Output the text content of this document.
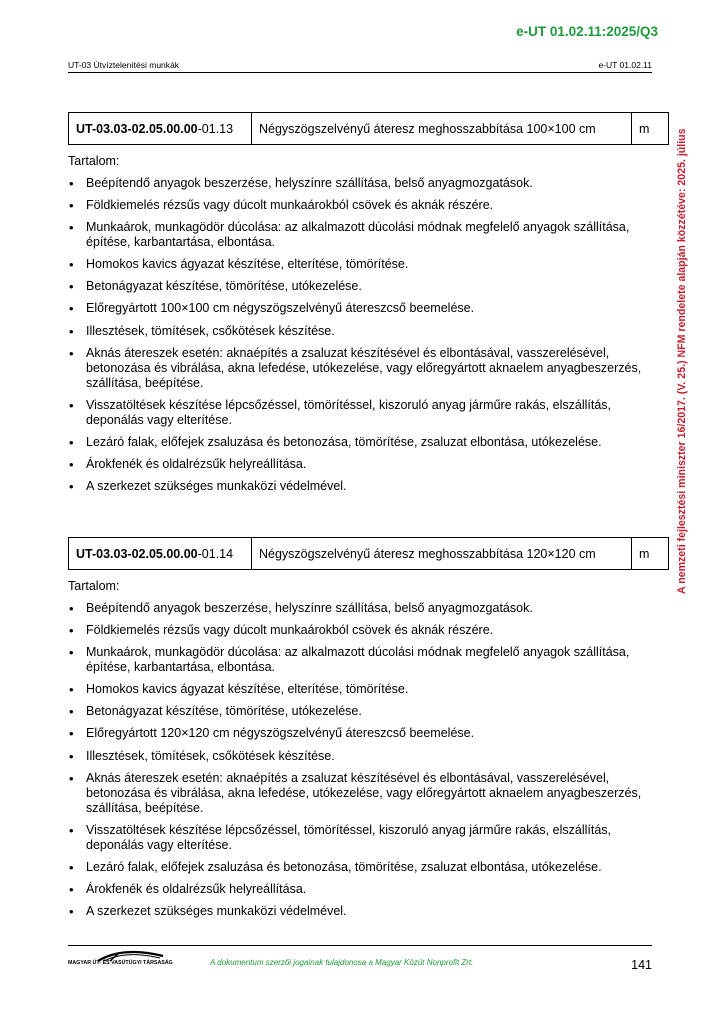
e-UT 01.02.11:2025/Q3
UT-03 Útvíztelenítési munkák	e-UT 01.02.11
A nemzeti fejlesztési miniszter 16/2017. (V. 25.) NFM rendelete alapján közzétéve: 2025. július
UT-03.03-02.05.00.00-01.13	Négyszögszelvényű áteresz meghosszabbítása 100×100 cm	m
Tartalom:
• Beépítendő anyagok beszerzése, helyszínre szállítása, belső anyagmozgatások.
• Földkiemelés rézsűs vagy dúcolt munkaárokból csövek és aknák részére.
• Munkaárok, munkagödör dúcolása: az alkalmazott dúcolási módnak megfelelő anyagok szállítása, építése, karbantartása, elbontása.
• Homokos kavics ágyazat készítése, elterítése, tömörítése.
• Betonágyazat készítése, tömörítése, utókezelése.
• Előregyártott 100×100 cm négyszögszelvényű átereszcső beemelése.
• Illesztések, tömítések, csőkötések készítése.
• Aknás átereszek esetén: aknaépítés a zsaluzat készítésével és elbontásával, vasszerelésével, betonozása és vibrálása, akna lefedése, utókezelése, vagy előregyártott aknaelem anyagbeszerzés, szállítása, beépítése.
• Visszatöltések készítése lépcsőzéssel, tömörítéssel, kiszoruló anyag járműre rakás, elszállítás, deponálás vagy elterítése.
• Lezáró falak, előfejek zsaluzása és betonozása, tömörítése, zsaluzat elbontása, utókezelése.
• Árokfenék és oldalrézsűk helyreállítása.
• A szerkezet szükséges munkaközi védelmével.
UT-03.03-02.05.00.00-01.14	Négyszögszelvényű áteresz meghosszabbítása 120×120 cm	m
Tartalom:
• Beépítendő anyagok beszerzése, helyszínre szállítása, belső anyagmozgatások.
• Földkiemelés rézsűs vagy dúcolt munkaárokból csövek és aknák részére.
• Munkaárok, munkagödör dúcolása: az alkalmazott dúcolási módnak megfelelő anyagok szállítása, építése, karbantartása, elbontása.
• Homokos kavics ágyazat készítése, elterítése, tömörítése.
• Betonágyazat készítése, tömörítése, utókezelése.
• Előregyártott 120×120 cm négyszögszelvényű átereszcső beemelése.
• Illesztések, tömítések, csőkötések készítése.
• Aknás átereszek esetén: aknaépítés a zsaluzat készítésével és elbontásával, vasszerelésével, betonozása és vibrálása, akna lefedése, utókezelése, vagy előregyártott aknaelem anyagbeszerzés, szállítása, beépítése.
• Visszatöltések készítése lépcsőzéssel, tömörítéssel, kiszoruló anyag járműre rakás, elszállítás, deponálás vagy elterítése.
• Lezáró falak, előfejek zsaluzása és betonozása, tömörítése, zsaluzat elbontása, utókezelése.
• Árokfenék és oldalrézsűk helyreállítása.
• A szerkezet szükséges munkaközi védelmével.
MAGYAR ÚT- ÉS VASÚTÜGYI TÁRSASÁG	A dokumentum szerzői jogainak tulajdonosa a Magyar Közút Nonprofit Zrt.	141
